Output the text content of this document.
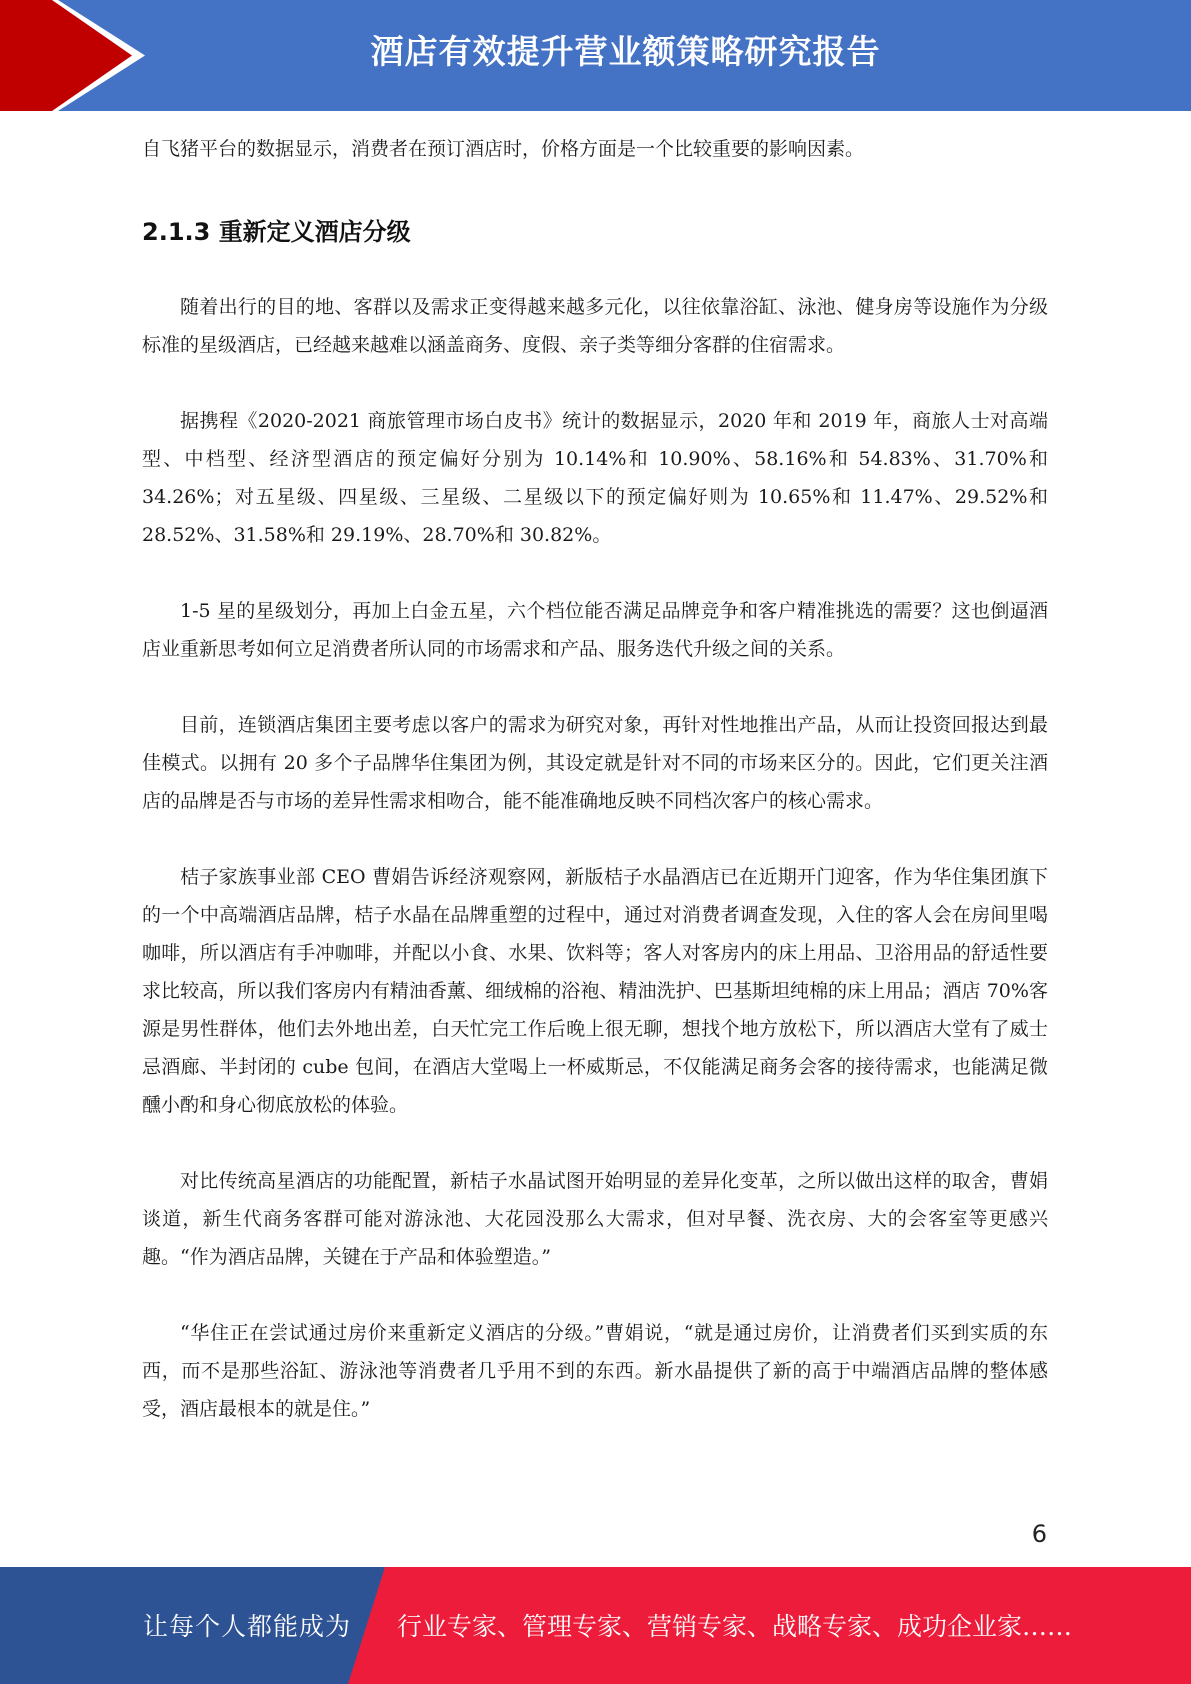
酒店有效提升营业额策略研究报告

自飞猪平台的数据显示，消费者在预订酒店时，价格方面是一个比较重要的影响因素。

2.1.3 重新定义酒店分级

随着出行的目的地、客群以及需求正变得越来越多元化，以往依靠浴缸、泳池、健身房等设施作为分级标准的星级酒店，已经越来越难以涵盖商务、度假、亲子类等细分客群的住宿需求。

据携程《2020-2021 商旅管理市场白皮书》统计的数据显示，2020 年和 2019 年，商旅人士对高端型、中档型、经济型酒店的预定偏好分别为 10.14%和 10.90%、58.16%和 54.83%、31.70%和 34.26%；对五星级、四星级、三星级、二星级以下的预定偏好则为 10.65%和 11.47%、29.52%和 28.52%、31.58%和 29.19%、28.70%和 30.82%。

1-5 星的星级划分，再加上白金五星，六个档位能否满足品牌竞争和客户精准挑选的需要？这也倒逼酒店业重新思考如何立足消费者所认同的市场需求和产品、服务迭代升级之间的关系。

目前，连锁酒店集团主要考虑以客户的需求为研究对象，再针对性地推出产品，从而让投资回报达到最佳模式。以拥有 20 多个子品牌华住集团为例，其设定就是针对不同的市场来区分的。因此，它们更关注酒店的品牌是否与市场的差异性需求相吻合，能不能准确地反映不同档次客户的核心需求。

桔子家族事业部 CEO 曹娟告诉经济观察网，新版桔子水晶酒店已在近期开门迎客，作为华住集团旗下的一个中高端酒店品牌，桔子水晶在品牌重塑的过程中，通过对消费者调查发现，入住的客人会在房间里喝咖啡，所以酒店有手冲咖啡，并配以小食、水果、饮料等；客人对客房内的床上用品、卫浴用品的舒适性要求比较高，所以我们客房内有精油香薰、细绒棉的浴袍、精油洗护、巴基斯坦纯棉的床上用品；酒店 70%客源是男性群体，他们去外地出差，白天忙完工作后晚上很无聊，想找个地方放松下，所以酒店大堂有了威士忌酒廊、半封闭的 cube 包间，在酒店大堂喝上一杯威斯忌，不仅能满足商务会客的接待需求，也能满足微醺小酌和身心彻底放松的体验。

对比传统高星酒店的功能配置，新桔子水晶试图开始明显的差异化变革，之所以做出这样的取舍，曹娟谈道，新生代商务客群可能对游泳池、大花园没那么大需求，但对早餐、洗衣房、大的会客室等更感兴趣。“作为酒店品牌，关键在于产品和体验塑造。”

“华住正在尝试通过房价来重新定义酒店的分级。”曹娟说，“就是通过房价，让消费者们买到实质的东西，而不是那些浴缸、游泳池等消费者几乎用不到的东西。新水晶提供了新的高于中端酒店品牌的整体感受，酒店最根本的就是住。”

6
让每个人都能成为 行业专家、管理专家、营销专家、战略专家、成功企业家……
